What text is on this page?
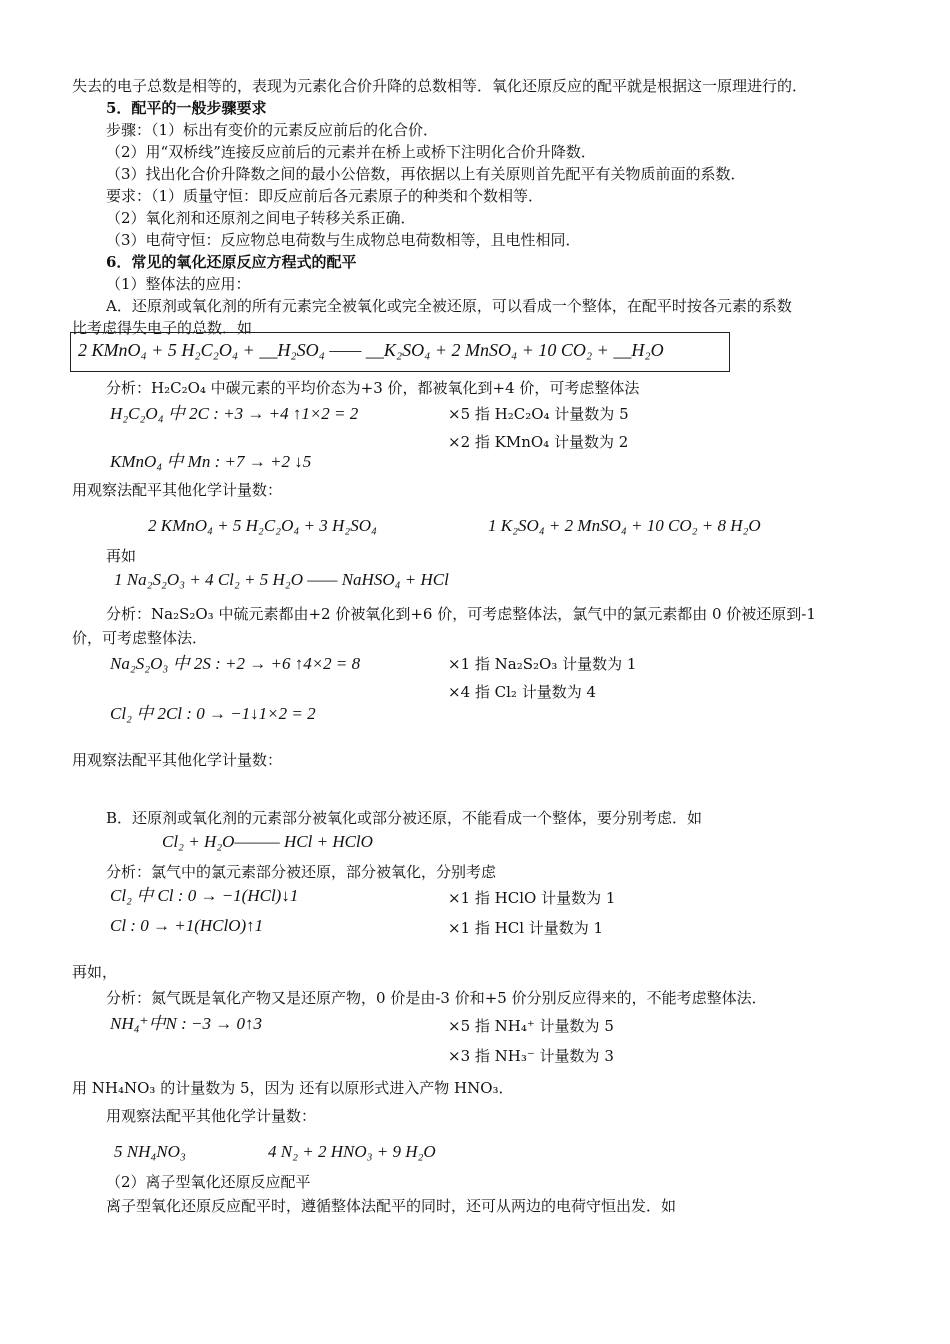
失去的电子总数是相等的，表现为元素化合价升降的总数相等．氧化还原反应的配平就是根据这一原理进行的．
5．配平的一般步骤要求
步骤：（1）标出有变价的元素反应前后的化合价．
（2）用“双桥线”连接反应前后的元素并在桥上或桥下注明化合价升降数．
（3）找出化合价升降数之间的最小公倍数，再依据以上有关原则首先配平有关物质前面的系数．
要求：（1）质量守恒：即反应前后各元素原子的种类和个数相等．
（2）氧化剂和还原剂之间电子转移关系正确．
（3）电荷守恒：反应物总电荷数与生成物总电荷数相等，且电性相同．
6．常见的氧化还原反应方程式的配平
（1）整体法的应用：
A．还原剂或氧化剂的所有元素完全被氧化或完全被还原，可以看成一个整体，在配平时按各元素的系数
比考虑得失电子的总数．如
2 KMnO₄ + 5 H₂C₂O₄ + __H₂SO₄ —— __K₂SO₄ + 2 MnSO₄ + 10 CO₂ + __H₂O
分析：H₂C₂O₄ 中碳元素的平均价态为+3 价，都被氧化到+4 价，可考虑整体法
H₂C₂O₄ 中 2C : +3 → +4 ↑1×2 = 2	×5 指 H₂C₂O₄ 计量数为 5
×2 指 KMnO₄ 计量数为 2
KMnO₄ 中 Mn : +7 → +2 ↓5
用观察法配平其他化学计量数：
2 KMnO₄ + 5 H₂C₂O₄ + 3 H₂SO₄	1 K₂SO₄ + 2 MnSO₄ + 10 CO₂ + 8 H₂O
再如
1 Na₂S₂O₃ + 4 Cl₂ + 5 H₂O —— NaHSO₄ + HCl
分析：Na₂S₂O₃ 中硫元素都由+2 价被氧化到+6 价，可考虑整体法，氯气中的氯元素都由 0 价被还原到-1
价，可考虑整体法．
Na₂S₂O₃ 中 2S : +2 → +6 ↑4×2 = 8	×1 指 Na₂S₂O₃ 计量数为 1
×4 指 Cl₂ 计量数为 4
Cl₂ 中 2Cl : 0 → −1↓1×2 = 2
用观察法配平其他化学计量数：
B．还原剂或氧化剂的元素部分被氧化或部分被还原，不能看成一个整体，要分别考虑．如
Cl₂ + H₂O——— HCl + HClO
分析：氯气中的氯元素部分被还原，部分被氧化，分别考虑
Cl₂ 中 Cl : 0 → −1(HCl)↓1	×1 指 HClO 计量数为 1
Cl : 0 → +1(HClO)↑1	×1 指 HCl 计量数为 1
再如，
分析：氮气既是氧化产物又是还原产物，0 价是由-3 价和+5 价分别反应得来的，不能考虑整体法．
NH₄⁺中N : −3 → 0↑3	×5 指 NH₄⁺ 计量数为 5
×3 指 NH₃⁻ 计量数为 3
用 NH₄NO₃ 的计量数为 5，因为 还有以原形式进入产物 HNO₃．
用观察法配平其他化学计量数：
5 NH₄NO₃	4 N₂ + 2 HNO₃ + 9 H₂O
（2）离子型氧化还原反应配平
离子型氧化还原反应配平时，遵循整体法配平的同时，还可从两边的电荷守恒出发．如
